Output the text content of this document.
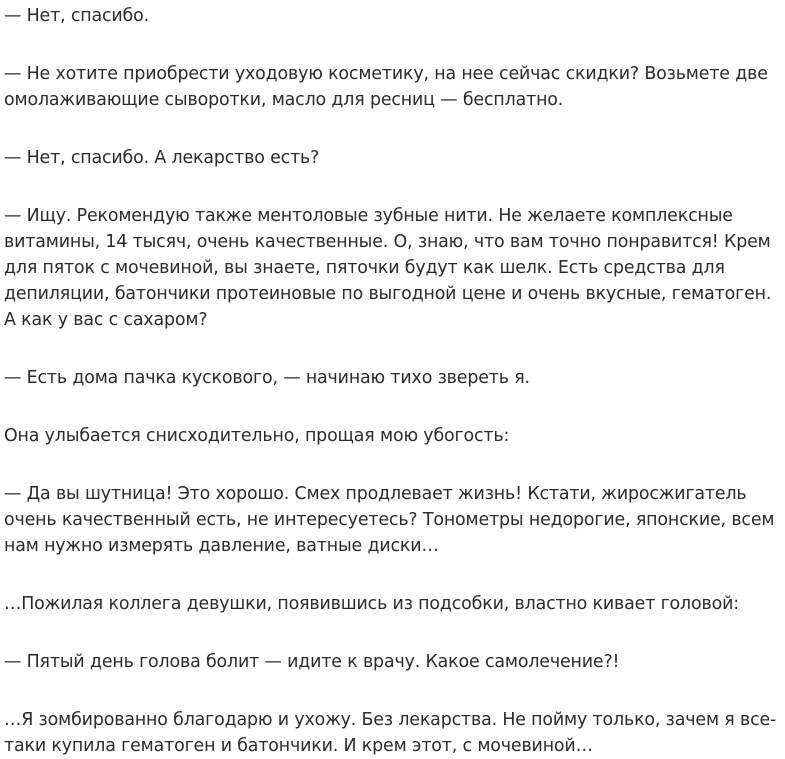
— Нет, спасибо.

— Не хотите приобрести уходовую косметику, на нее сейчас скидки? Возьмете две омолаживающие сыворотки, масло для ресниц — бесплатно.

— Нет, спасибо. А лекарство есть?

— Ищу. Рекомендую также ментоловые зубные нити. Не желаете комплексные витамины, 14 тысяч, очень качественные. О, знаю, что вам точно понравится! Крем для пяток с мочевиной, вы знаете, пяточки будут как шелк. Есть средства для депиляции, батончики протеиновые по выгодной цене и очень вкусные, гематоген. А как у вас с сахаром?

— Есть дома пачка кускового, — начинаю тихо звереть я.

Она улыбается снисходительно, прощая мою убогость:

— Да вы шутница! Это хорошо. Смех продлевает жизнь! Кстати, жиросжигатель очень качественный есть, не интересуетесь? Тонометры недорогие, японские, всем нам нужно измерять давление, ватные диски…

…Пожилая коллега девушки, появившись из подсобки, властно кивает головой:

— Пятый день голова болит — идите к врачу. Какое самолечение?!

…Я зомбированно благодарю и ухожу. Без лекарства. Не пойму только, зачем я все-таки купила гематоген и батончики. И крем этот, с мочевиной…
